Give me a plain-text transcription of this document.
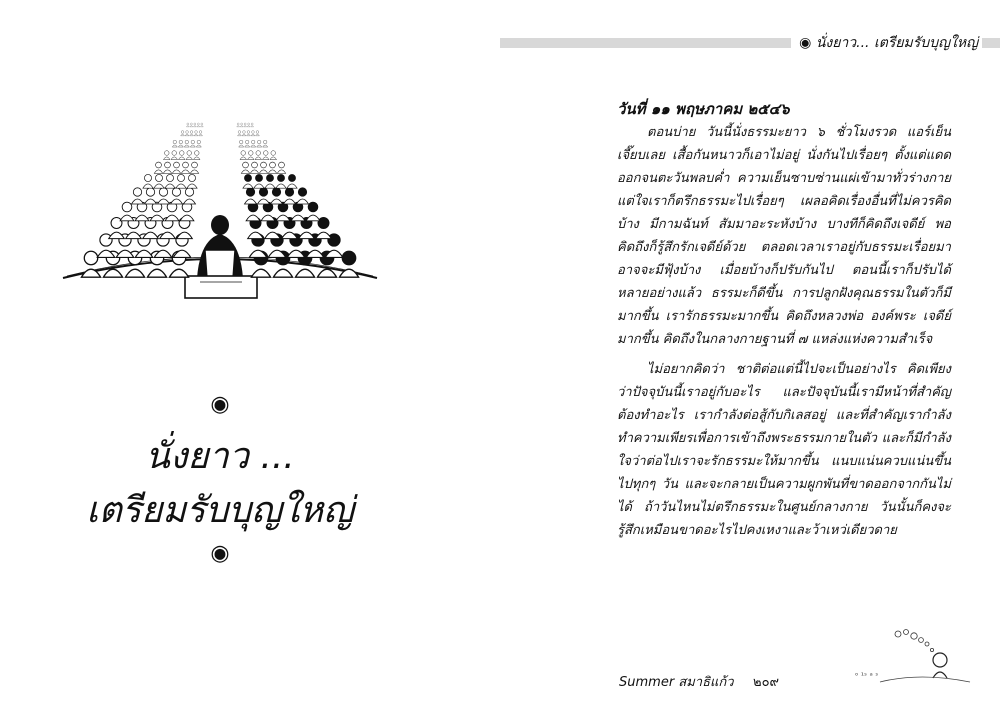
◉
นั่งยาว ...
เตรียมรับบุญใหญ่
◉
◉ นั่งยาว... เตรียมรับบุญใหญ่
วันที่ ๑๑ พฤษภาคม ๒๕๔๖

ตอนบ่าย วันนี้นั่งธรรมะยาว ๖ ชั่วโมงรวด แอร์เย็นเจี๊ยบเลย เสื้อกันหนาวก็เอาไม่อยู่ นั่งกันไปเรื่อยๆ ตั้งแต่แดดออกจนตะวันพลบค่ำ ความเย็นซาบซ่านแผ่เข้ามาทั่วร่างกาย แต่ใจเราก็ตรึกธรรมะไปเรื่อยๆ เผลอคิดเรื่องอื่นที่ไม่ควรคิดบ้าง มีกามฉันท์ สัมมาอะระหังบ้าง บางทีก็คิดถึงเจดีย์ พอคิดถึงก็รู้สึกรักเจดีย์ด้วย ตลอดเวลาเราอยู่กับธรรมะเรื่อยมา อาจจะมีฟุ้งบ้าง เมื่อยบ้างก็ปรับกันไป ตอนนี้เราก็ปรับได้หลายอย่างแล้ว ธรรมะก็ดีขึ้น การปลูกฝังคุณธรรมในตัวก็มีมากขึ้น เรารักธรรมะมากขึ้น คิดถึงหลวงพ่อ องค์พระ เจดีย์มากขึ้น คิดถึงในกลางกายฐานที่ ๗ แหล่งแห่งความสำเร็จ

ไม่อยากคิดว่า ชาติต่อแต่นี้ไปจะเป็นอย่างไร คิดเพียงว่าปัจจุบันนี้เราอยู่กับอะไร และปัจจุบันนี้เรามีหน้าที่สำคัญต้องทำอะไร เรากำลังต่อสู้กับกิเลสอยู่ และที่สำคัญเรากำลังทำความเพียรเพื่อการเข้าถึงพระธรรมกายในตัว และก็มีกำลังใจว่าต่อไปเราจะรักธรรมะให้มากขึ้น แนบแน่นควบแน่นขึ้นไปทุกๆ วัน และจะกลายเป็นความผูกพันที่ขาดออกจากกันไม่ได้ ถ้าวันไหนไม่ตรึกธรรมะในศูนย์กลางกาย วันนั้นก็คงจะรู้สึกเหมือนขาดอะไรไปคงเหงาและว้าเหว่เดียวดาย

ᵒ ¹ˢ ᵃ ˢ
Summer สมาธิแก้ว ๒๐๙
